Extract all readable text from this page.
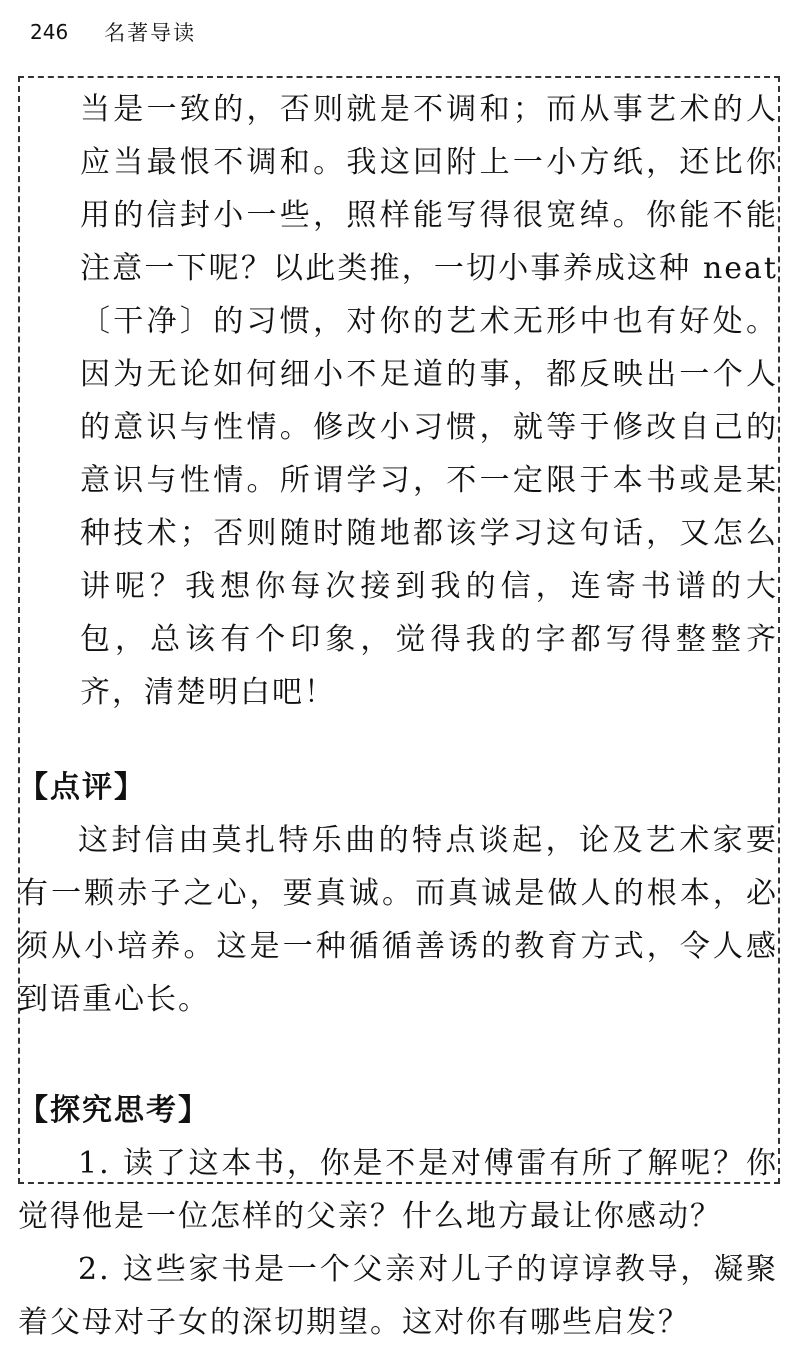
246 名著导读

当是一致的，否则就是不调和；而从事艺术的人应当最恨不调和。我这回附上一小方纸，还比你用的信封小一些，照样能写得很宽绰。你能不能注意一下呢？以此类推，一切小事养成这种 neat〔干净〕的习惯，对你的艺术无形中也有好处。因为无论如何细小不足道的事，都反映出一个人的意识与性情。修改小习惯，就等于修改自己的意识与性情。所谓学习，不一定限于本书或是某种技术；否则随时随地都该学习这句话，又怎么讲呢？我想你每次接到我的信，连寄书谱的大包，总该有个印象，觉得我的字都写得整整齐齐，清楚明白吧！

【点评】

这封信由莫扎特乐曲的特点谈起，论及艺术家要有一颗赤子之心，要真诚。而真诚是做人的根本，必须从小培养。这是一种循循善诱的教育方式，令人感到语重心长。

【探究思考】

1. 读了这本书，你是不是对傅雷有所了解呢？你觉得他是一位怎样的父亲？什么地方最让你感动？

2. 这些家书是一个父亲对儿子的谆谆教导，凝聚着父母对子女的深切期望。这对你有哪些启发？
